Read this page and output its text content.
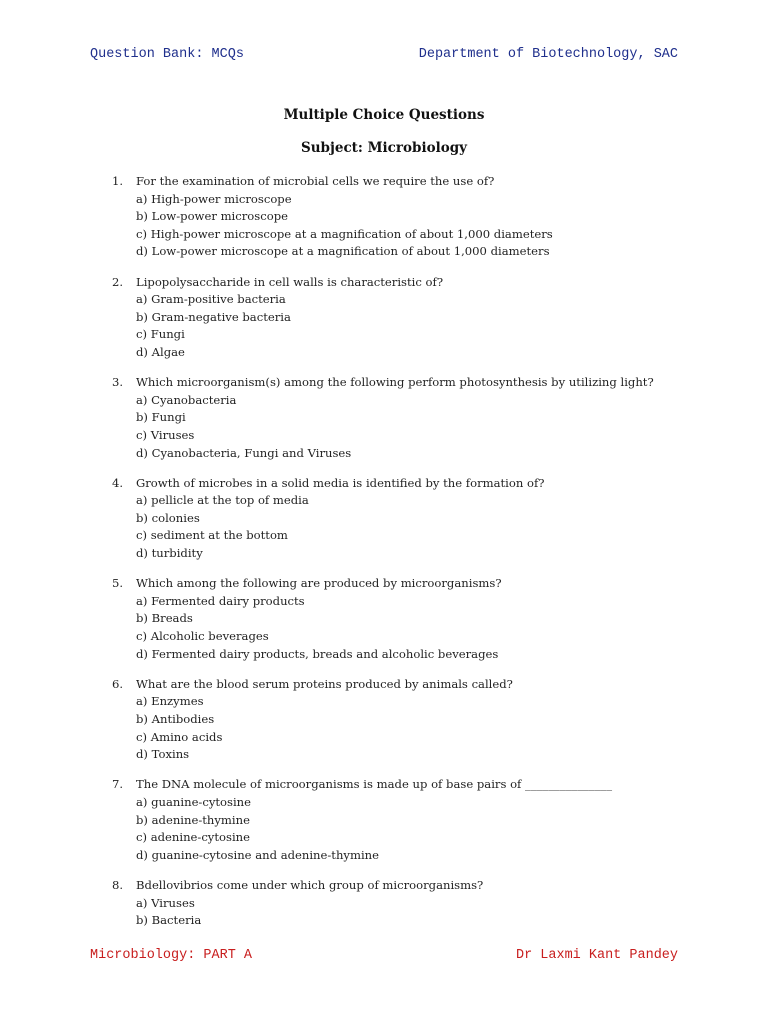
Question Bank: MCQs	Department of Biotechnology, SAC
Multiple Choice Questions
Subject: Microbiology
1.	For the examination of microbial cells we require the use of?
a) High-power microscope
b) Low-power microscope
c) High-power microscope at a magnification of about 1,000 diameters
d) Low-power microscope at a magnification of about 1,000 diameters
2.	Lipopolysaccharide in cell walls is characteristic of?
a) Gram-positive bacteria
b) Gram-negative bacteria
c) Fungi
d) Algae
3.	Which microorganism(s) among the following perform photosynthesis by utilizing light?
a) Cyanobacteria
b) Fungi
c) Viruses
d) Cyanobacteria, Fungi and Viruses
4.	Growth of microbes in a solid media is identified by the formation of?
a) pellicle at the top of media
b) colonies
c) sediment at the bottom
d) turbidity
5.	Which among the following are produced by microorganisms?
a) Fermented dairy products
b) Breads
c) Alcoholic beverages
d) Fermented dairy products, breads and alcoholic beverages
6.	What are the blood serum proteins produced by animals called?
a) Enzymes
b) Antibodies
c) Amino acids
d) Toxins
7.	The DNA molecule of microorganisms is made up of base pairs of _______________
a) guanine-cytosine
b) adenine-thymine
c) adenine-cytosine
d) guanine-cytosine and adenine-thymine
8.	Bdellovibrios come under which group of microorganisms?
a) Viruses
b) Bacteria
Microbiology: PART A	Dr Laxmi Kant Pandey
